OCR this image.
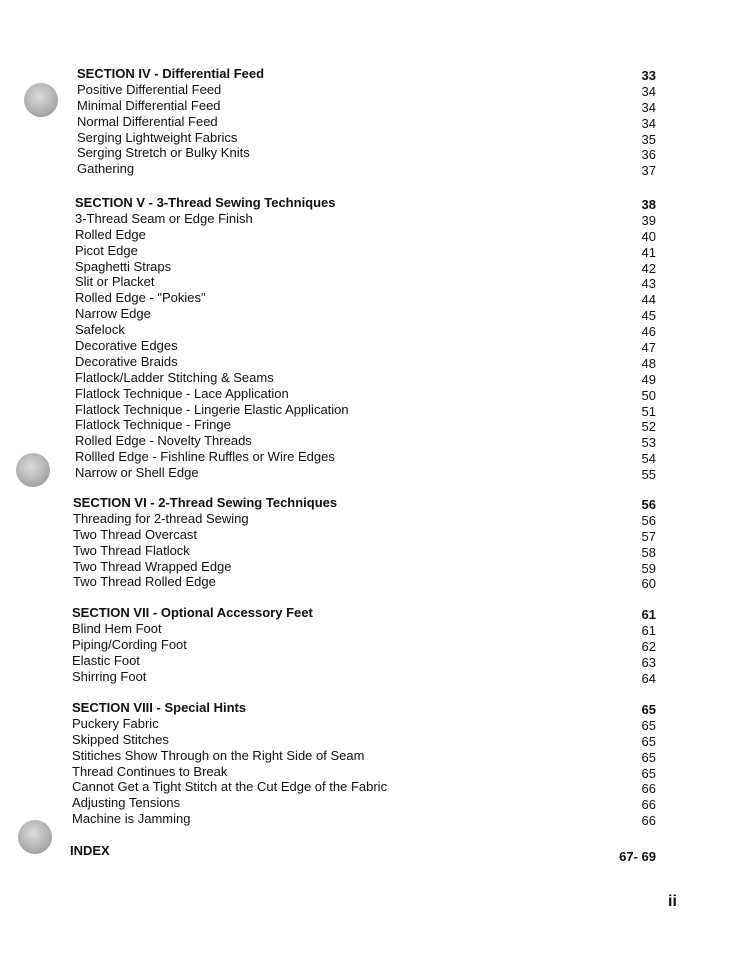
SECTION IV - Differential Feed	33
Positive Differential Feed	34
Minimal Differential Feed	34
Normal Differential Feed	34
Serging Lightweight Fabrics	35
Serging Stretch or Bulky Knits	36
Gathering	37
SECTION V - 3-Thread Sewing Techniques	38
3-Thread Seam or Edge Finish	39
Rolled Edge	40
Picot Edge	41
Spaghetti Straps	42
Slit or Placket	43
Rolled Edge - "Pokies"	44
Narrow Edge	45
Safelock	46
Decorative Edges	47
Decorative Braids	48
Flatlock/Ladder Stitching & Seams	49
Flatlock Technique - Lace Application	50
Flatlock Technique - Lingerie Elastic Application	51
Flatlock Technique - Fringe	52
Rolled Edge - Novelty Threads	53
Rollled Edge - Fishline Ruffles or Wire Edges	54
Narrow or Shell Edge	55
SECTION VI - 2-Thread Sewing Techniques	56
Threading for 2-thread Sewing	56
Two Thread Overcast	57
Two Thread Flatlock	58
Two Thread Wrapped Edge	59
Two Thread Rolled Edge	60
SECTION VII - Optional Accessory Feet	61
Blind Hem Foot	61
Piping/Cording Foot	62
Elastic Foot	63
Shirring Foot	64
SECTION VIII - Special Hints	65
Puckery Fabric	65
Skipped Stitches	65
Stitiches Show Through on the Right Side of Seam	65
Thread Continues to Break	65
Cannot Get a Tight Stitch at the Cut Edge of the Fabric	66
Adjusting Tensions	66
Machine is Jamming	66
INDEX	67- 69
ii
